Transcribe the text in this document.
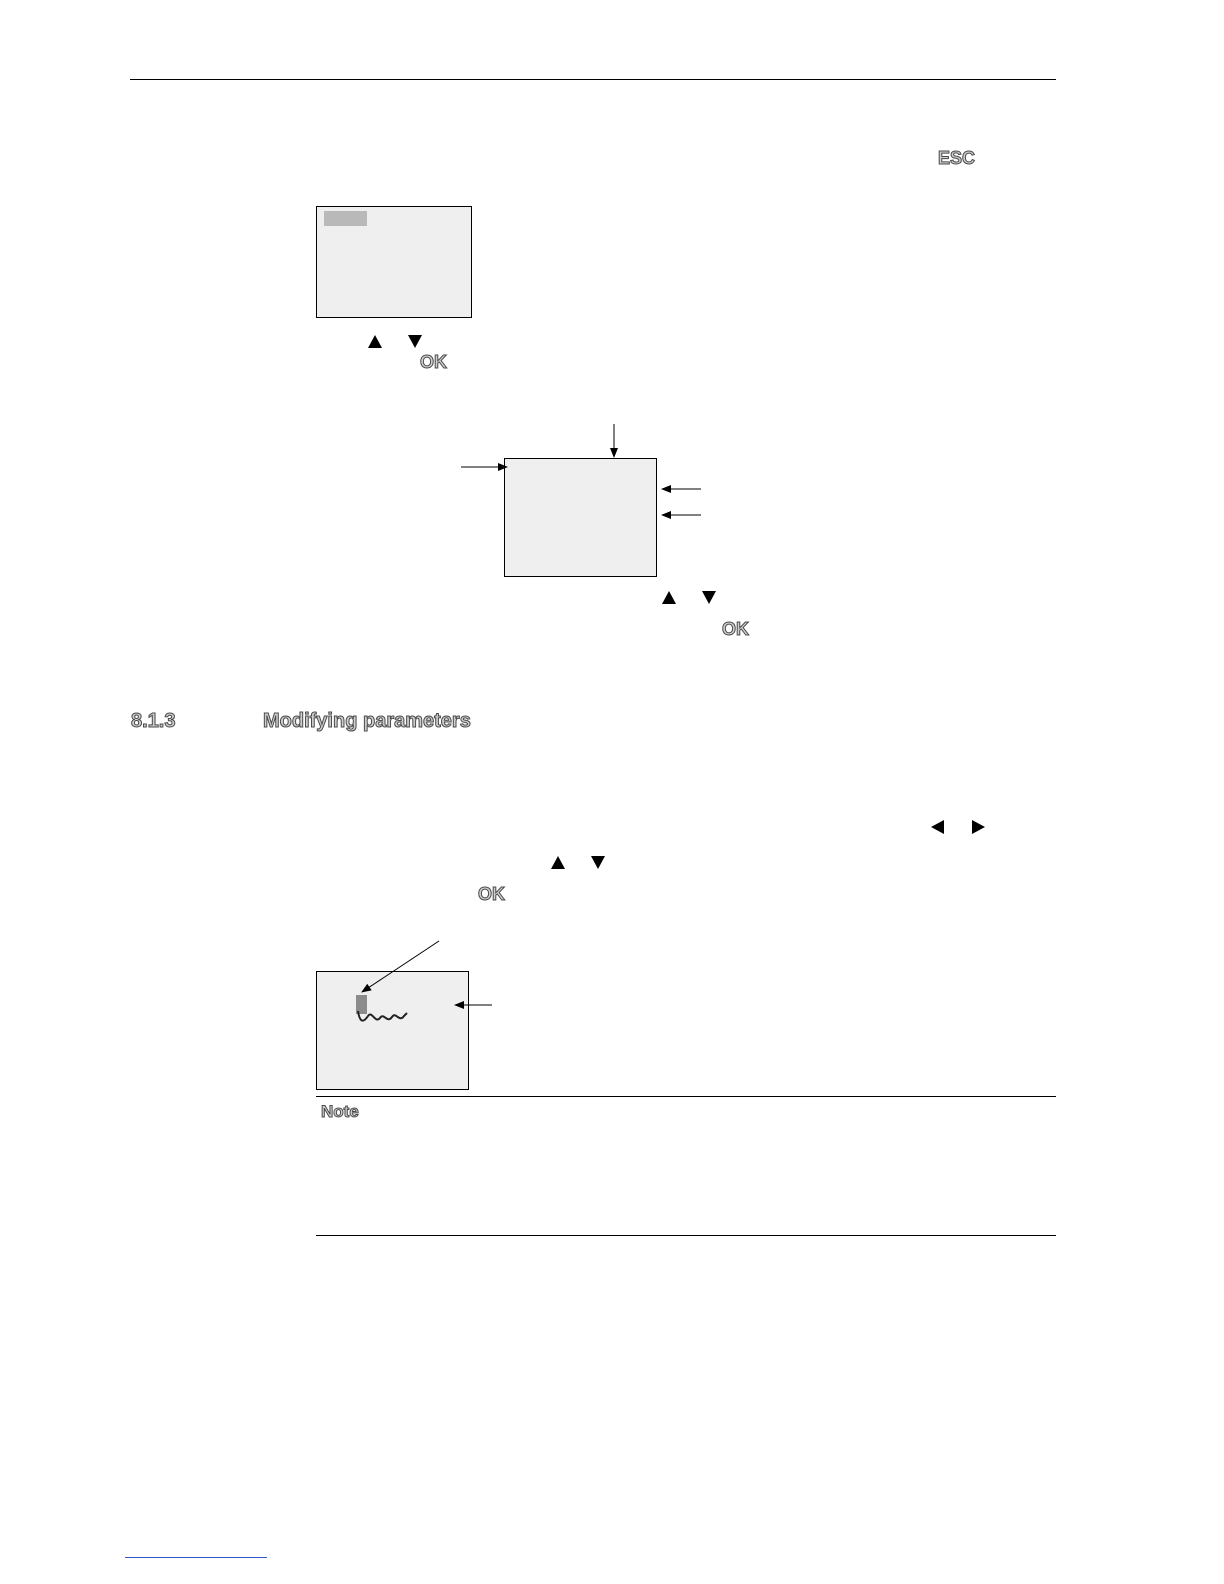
ESC
OK
OK
8.1.3	Modifying parameters
OK
Note
